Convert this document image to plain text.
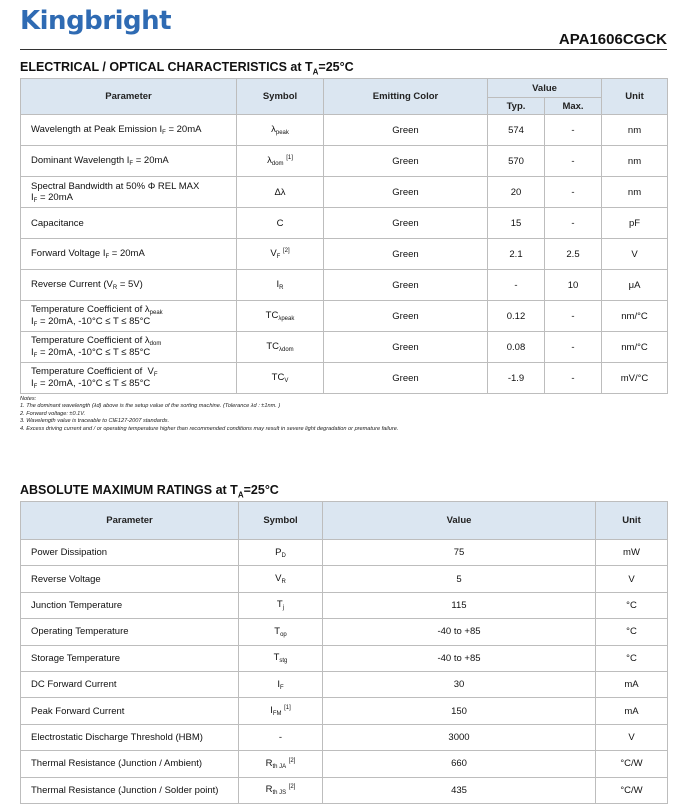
Kingbright
APA1606CGCK
ELECTRICAL / OPTICAL CHARACTERISTICS at $T_A=25^\circ C$
Parameter	Symbol	Emitting Color	Value		Unit
			Typ.	Max.	
Wavelength at Peak Emission $I_F = 20mA$	$\lambda_{peak}$	Green	574	-	nm
Dominant Wavelength $I_F = 20mA$	$\lambda_{dom}$ [1]	Green	570	-	nm
Spectral Bandwidth at 50% Φ REL MAX
$I_F = 20mA$	Δλ	Green	20	-	nm
Capacitance	C	Green	15	-	pF
Forward Voltage $I_F = 20mA$	$V_F$ [2]	Green	2.1	2.5	V
Reverse Current $(V_R = 5V)$	$I_R$	Green	-	10	μA
Temperature Coefficient of $\lambda_{peak}$
$I_F = 20mA$, -10°C ≤ T ≤ 85°C	$TC_{\lambda peak}$	Green	0.12	-	nm/°C
Temperature Coefficient of $\lambda_{dom}$
$I_F = 20mA$, -10°C ≤ T ≤ 85°C	$TC_{\lambda dom}$	Green	0.08	-	nm/°C
Temperature Coefficient of  $V_F$
$I_F = 20mA$, -10°C ≤ T ≤ 85°C	$TC_V$	Green	-1.9	-	mV/°C
Notes:
1. The dominant wavelength (λd) above is the setup value of the sorting machine. (Tolerance λd : ±1nm. )
2. Forward voltage: ±0.1V.
3. Wavelength value is traceable to CIE127-2007 standards.
4. Excess driving current and / or operating temperature higher than recommended conditions may result in severe light degradation or premature failure.
ABSOLUTE MAXIMUM RATINGS at $T_A=25^\circ C$
Parameter	Symbol	Value	Unit
Power Dissipation	$P_D$	75	mW
Reverse Voltage	$V_R$	5	V
Junction Temperature	$T_j$	115	°C
Operating Temperature	$T_{op}$	-40 to +85	°C
Storage Temperature	$T_{stg}$	-40 to +85	°C
DC Forward Current	$I_F$	30	mA
Peak Forward Current	$I_{FM}$ [1]	150	mA
Electrostatic Discharge Threshold (HBM)	-	3000	V
Thermal Resistance (Junction / Ambient)	$R_{th JA}$ [2]	660	°C/W
Thermal Resistance (Junction / Solder point)	$R_{th JS}$ [2]	435	°C/W
